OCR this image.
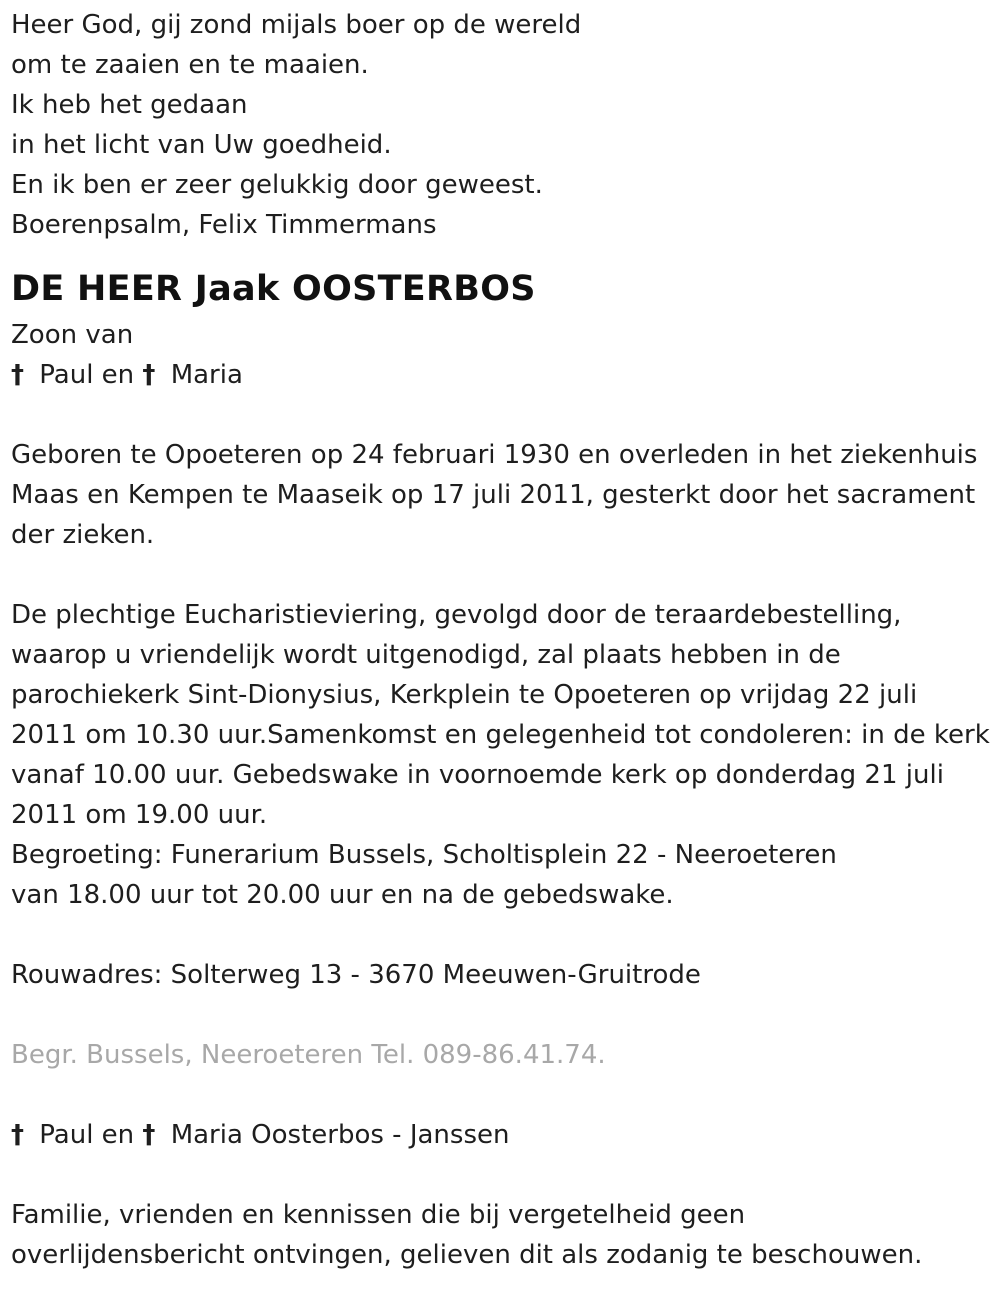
Heer God, gij zond mijals boer op de wereld
om te zaaien en te maaien.
Ik heb het gedaan
in het licht van Uw goedheid.
En ik ben er zeer gelukkig door geweest.
Boerenpsalm, Felix Timmermans
DE HEER Jaak OOSTERBOS
Zoon van
† Paul en † Maria
Geboren te Opoeteren op 24 februari 1930 en overleden in het ziekenhuis Maas en Kempen te Maaseik op 17 juli 2011, gesterkt door het sacrament der zieken.
De plechtige Eucharistieviering, gevolgd door de teraardebestelling, waarop u vriendelijk wordt uitgenodigd, zal plaats hebben in de parochiekerk Sint-Dionysius, Kerkplein te Opoeteren op vrijdag 22 juli 2011 om 10.30 uur.Samenkomst en gelegenheid tot condoleren: in de kerk vanaf 10.00 uur. Gebedswake in voornoemde kerk op donderdag 21 juli 2011 om 19.00 uur.
Begroeting: Funerarium Bussels, Scholtisplein 22 - Neeroeteren
van 18.00 uur tot 20.00 uur en na de gebedswake.
Rouwadres: Solterweg 13 - 3670 Meeuwen-Gruitrode
Begr. Bussels, Neeroeteren Tel. 089-86.41.74.
† Paul en † Maria Oosterbos - Janssen
Familie, vrienden en kennissen die bij vergetelheid geen
overlijdensbericht ontvingen, gelieven dit als zodanig te beschouwen.
